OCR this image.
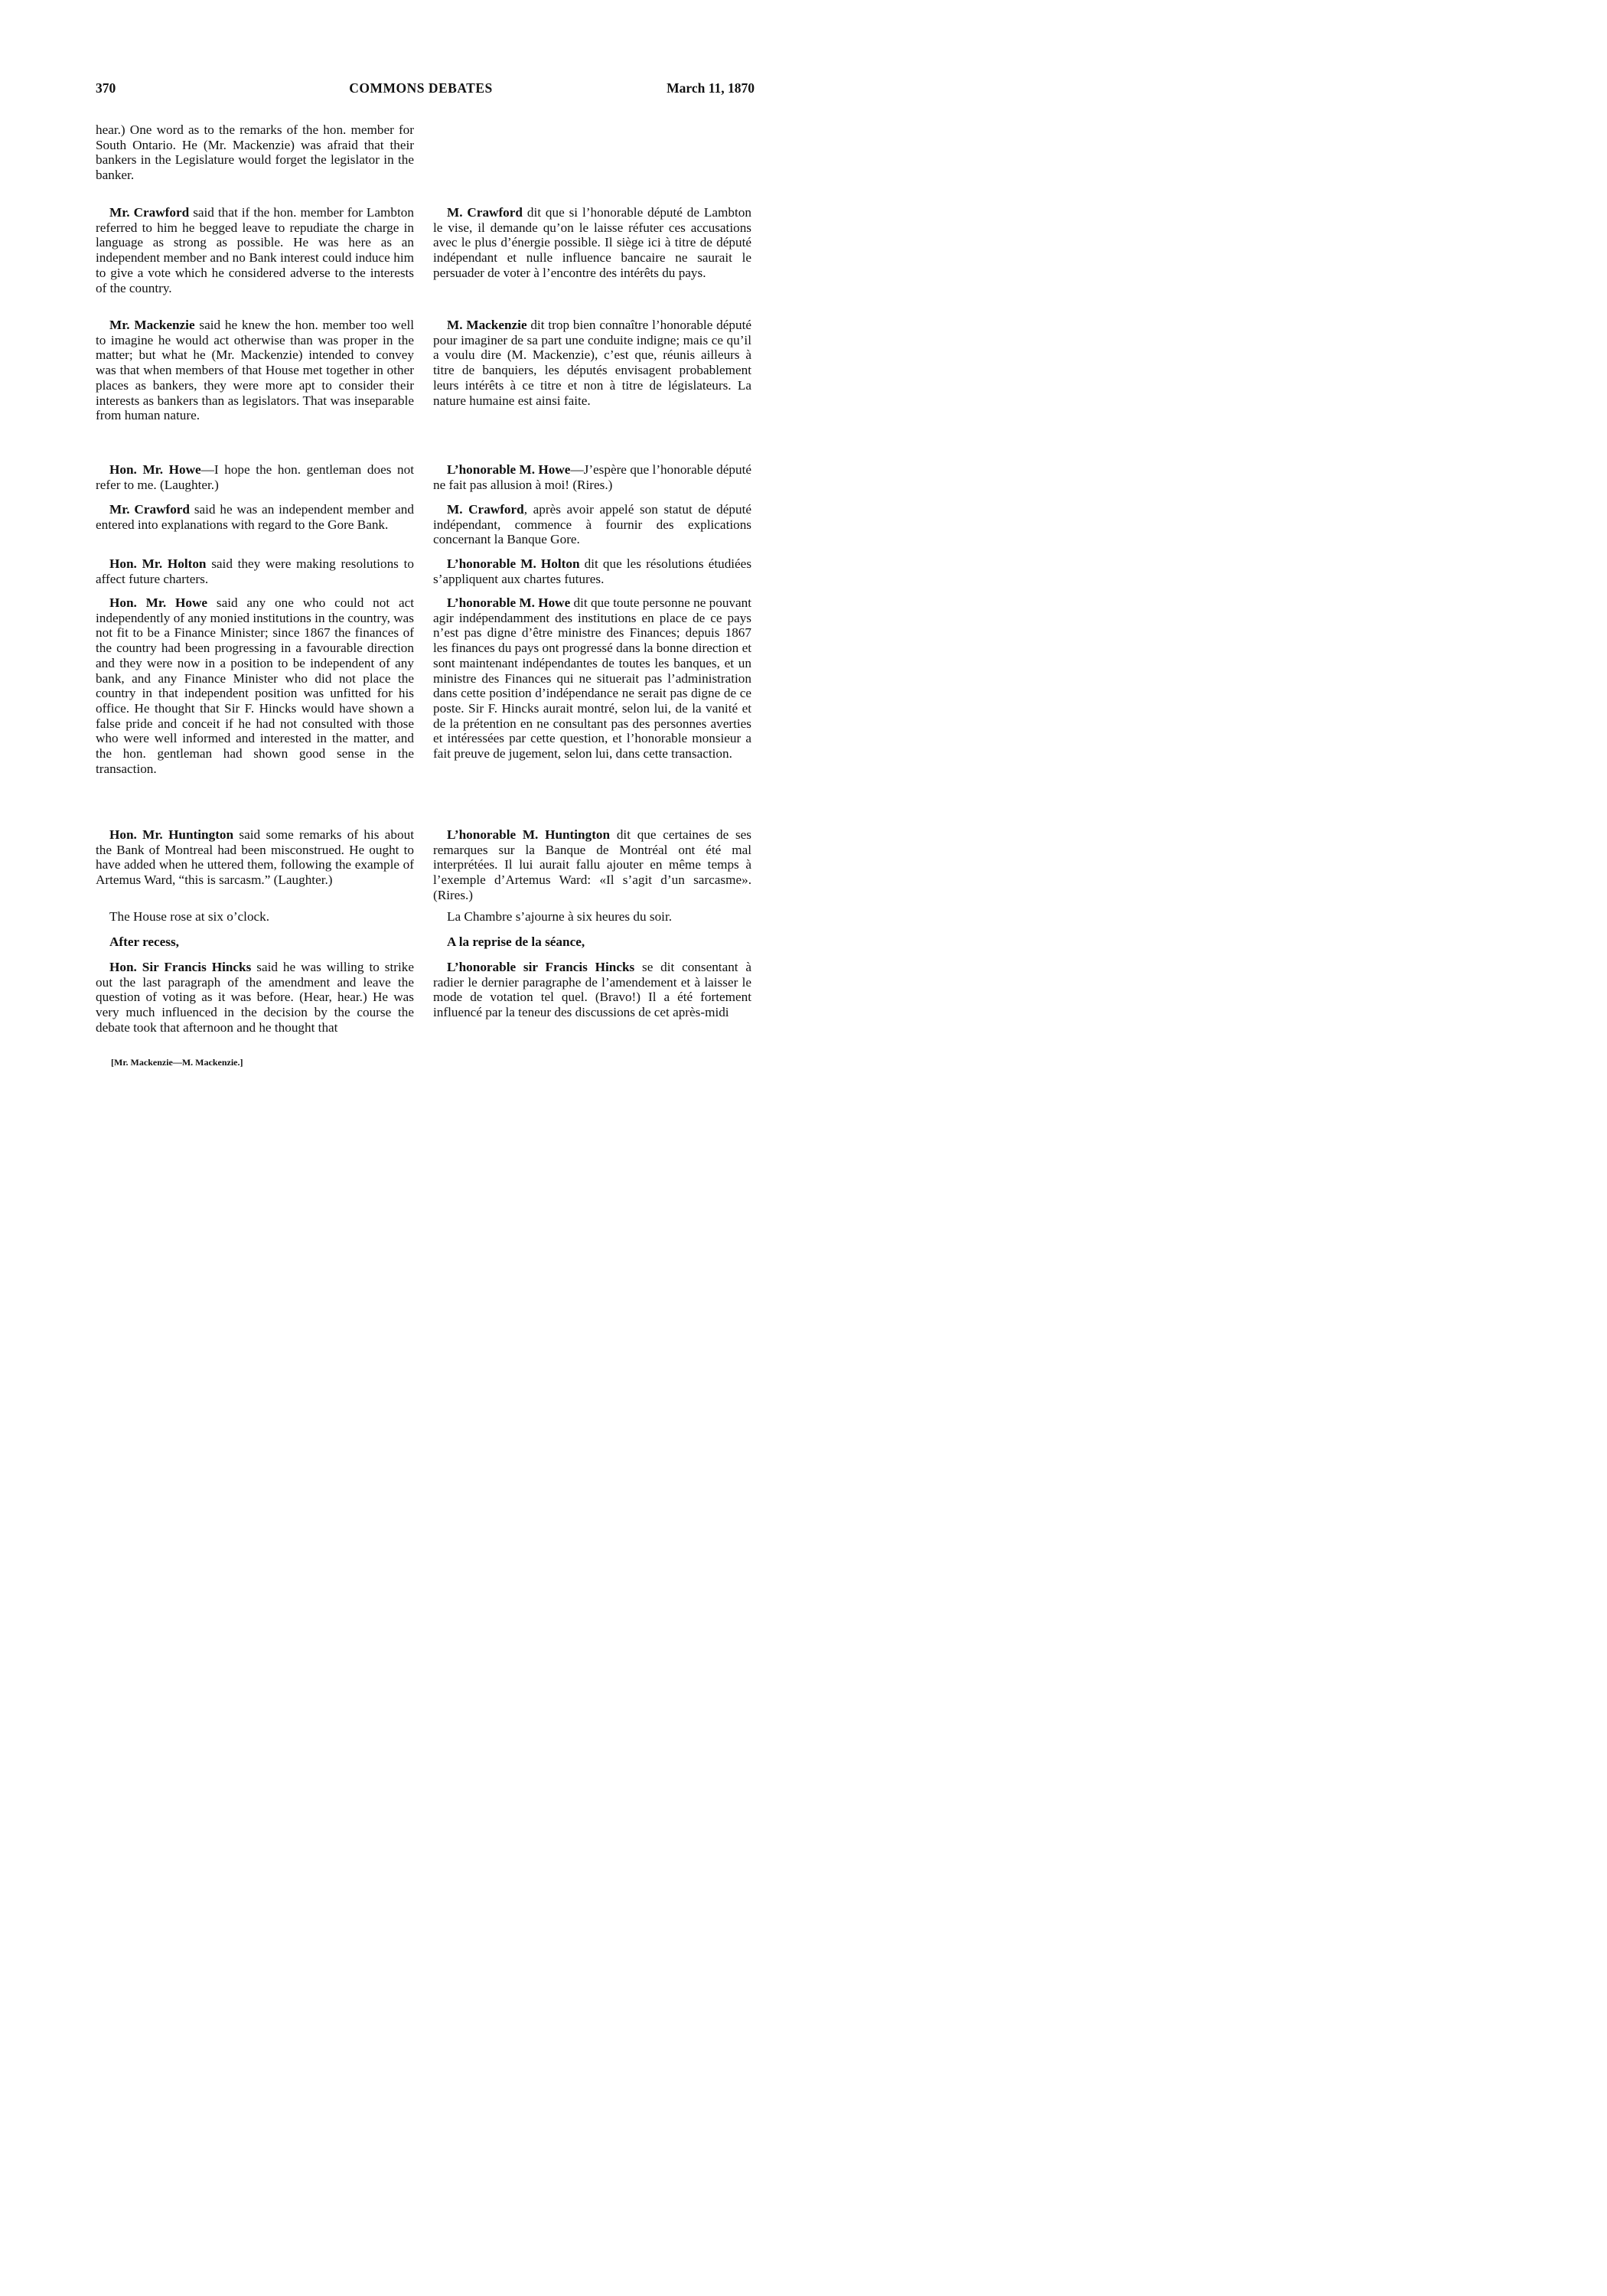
370	COMMONS DEBATES	March 11, 1870

hear.) One word as to the remarks of the hon. member for South Ontario. He (Mr. Mackenzie) was afraid that their bankers in the Legislature would forget the legislator in the banker.

Mr. Crawford said that if the hon. member for Lambton referred to him he begged leave to repudiate the charge in language as strong as possible. He was here as an independent member and no Bank interest could induce him to give a vote which he considered adverse to the interests of the country.

Mr. Mackenzie said he knew the hon. member too well to imagine he would act otherwise than was proper in the matter; but what he (Mr. Mackenzie) intended to convey was that when members of that House met together in other places as bankers, they were more apt to consider their interests as bankers than as legislators. That was inseparable from human nature.

Hon. Mr. Howe—I hope the hon. gentleman does not refer to me. (Laughter.)

Mr. Crawford said he was an independent member and entered into explanations with regard to the Gore Bank.

Hon. Mr. Holton said they were making resolutions to affect future charters.

Hon. Mr. Howe said any one who could not act independently of any monied institutions in the country, was not fit to be a Finance Minister; since 1867 the finances of the country had been progressing in a favourable direction and they were now in a position to be independent of any bank, and any Finance Minister who did not place the country in that independent position was unfitted for his office. He thought that Sir F. Hincks would have shown a false pride and conceit if he had not consulted with those who were well informed and interested in the matter, and the hon. gentleman had shown good sense in the transaction.

Hon. Mr. Huntington said some remarks of his about the Bank of Montreal had been misconstrued. He ought to have added when he uttered them, following the example of Artemus Ward, “this is sarcasm.” (Laughter.)

The House rose at six o’clock.

After recess,

Hon. Sir Francis Hincks said he was willing to strike out the last paragraph of the amendment and leave the question of voting as it was before. (Hear, hear.) He was very much influenced in the decision by the course the debate took that afternoon and he thought that

M. Crawford dit que si l’honorable député de Lambton le vise, il demande qu’on le laisse réfuter ces accusations avec le plus d’énergie possible. Il siège ici à titre de député indépendant et nulle influence bancaire ne saurait le persuader de voter à l’encontre des intérêts du pays.

M. Mackenzie dit trop bien connaître l’honorable député pour imaginer de sa part une conduite indigne; mais ce qu’il a voulu dire (M. Mackenzie), c’est que, réunis ailleurs à titre de banquiers, les députés envisagent probablement leurs intérêts à ce titre et non à titre de législateurs. La nature humaine est ainsi faite.

L’honorable M. Howe—J’espère que l’honorable député ne fait pas allusion à moi! (Rires.)

M. Crawford, après avoir appelé son statut de député indépendant, commence à fournir des explications concernant la Banque Gore.

L’honorable M. Holton dit que les résolutions étudiées s’appliquent aux chartes futures.

L’honorable M. Howe dit que toute personne ne pouvant agir indépendamment des institutions en place de ce pays n’est pas digne d’être ministre des Finances; depuis 1867 les finances du pays ont progressé dans la bonne direction et sont maintenant indépendantes de toutes les banques, et un ministre des Finances qui ne situerait pas l’administration dans cette position d’indépendance ne serait pas digne de ce poste. Sir F. Hincks aurait montré, selon lui, de la vanité et de la prétention en ne consultant pas des personnes averties et intéressées par cette question, et l’honorable monsieur a fait preuve de jugement, selon lui, dans cette transaction.

L’honorable M. Huntington dit que certaines de ses remarques sur la Banque de Montréal ont été mal interprétées. Il lui aurait fallu ajouter en même temps à l’exemple d’Artemus Ward: «Il s’agit d’un sarcasme». (Rires.)

La Chambre s’ajourne à six heures du soir.

A la reprise de la séance,

L’honorable sir Francis Hincks se dit consentant à radier le dernier paragraphe de l’amendement et à laisser le mode de votation tel quel. (Bravo!) Il a été fortement influencé par la teneur des discussions de cet après-midi

[Mr. Mackenzie—M. Mackenzie.]
